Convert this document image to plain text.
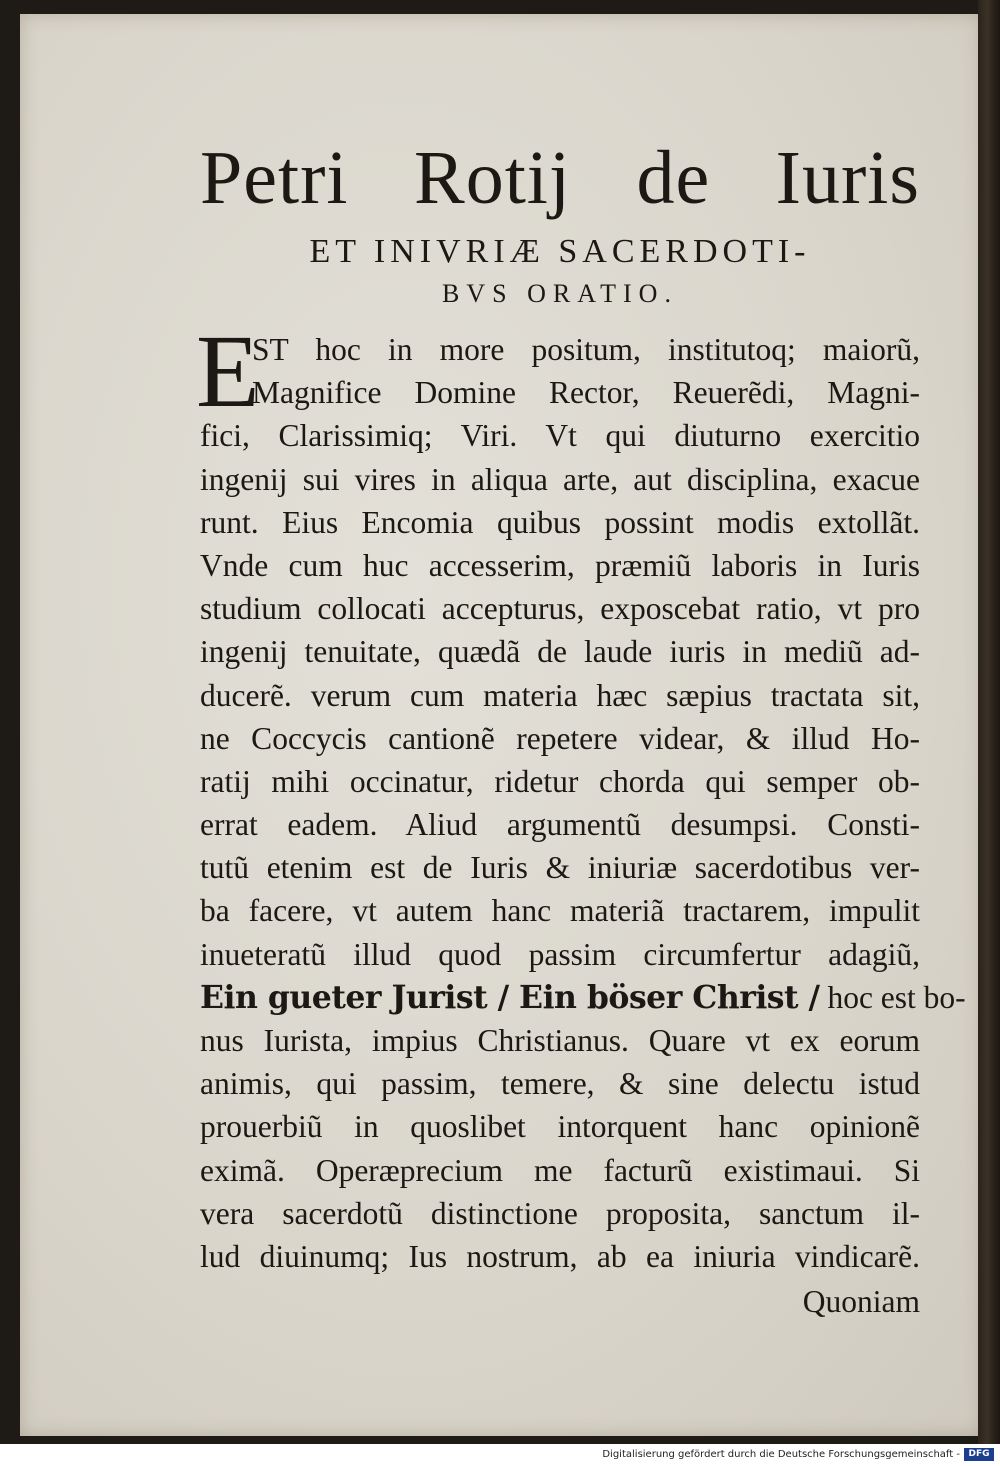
Petri Rotij de Iuris
ET INIVRIÆ SACERDOTI-
BVS ORATIO.
E
ST hoc in more positum, institutoq; maiorũ,
Magnifice Domine Rector, Reuerẽdi, Magni-
fici, Clarissimiq; Viri. Vt qui diuturno exercitio
ingenij sui vires in aliqua arte, aut disciplina, exacue
runt. Eius Encomia quibus possint modis extollãt.
Vnde cum huc accesserim, præmiũ laboris in Iuris
studium collocati accepturus, exposcebat ratio, vt pro
ingenij tenuitate, quædã de laude iuris in mediũ ad-
ducerẽ. verum cum materia hæc sæpius tractata sit,
ne Coccycis cantionẽ repetere videar, & illud Ho-
ratij mihi occinatur, ridetur chorda qui semper ob-
errat eadem. Aliud argumentũ desumpsi. Consti-
tutũ etenim est de Iuris & iniuriæ sacerdotibus ver-
ba facere, vt autem hanc materiã tractarem, impulit
inueteratũ illud quod passim circumfertur adagiũ,
Ein gueter Jurist / Ein böser Christ / hoc est bo-
nus Iurista, impius Christianus. Quare vt ex eorum
animis, qui passim, temere, & sine delectu istud
prouerbiũ in quoslibet intorquent hanc opinionẽ
eximã. Operæprecium me facturũ existimaui. Si
vera sacerdotũ distinctione proposita, sanctum il-
lud diuinumq; Ius nostrum, ab ea iniuria vindicarẽ.
Quoniam
Digitalisierung gefördert durch die Deutsche Forschungsgemeinschaft - DFG
